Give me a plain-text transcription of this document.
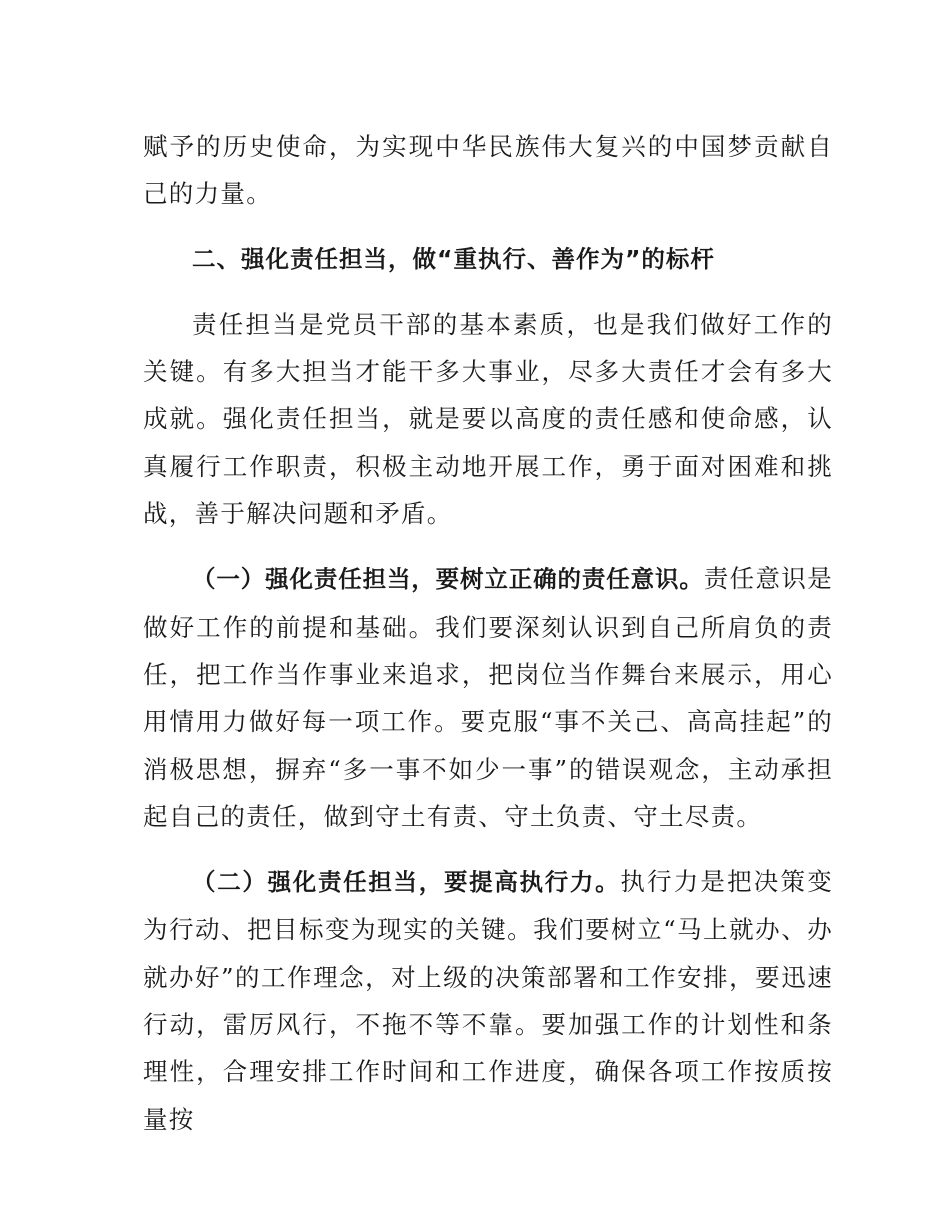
赋予的历史使命，为实现中华民族伟大复兴的中国梦贡献自己的力量。

二、强化责任担当，做“重执行、善作为”的标杆

责任担当是党员干部的基本素质，也是我们做好工作的关键。有多大担当才能干多大事业，尽多大责任才会有多大成就。强化责任担当，就是要以高度的责任感和使命感，认真履行工作职责，积极主动地开展工作，勇于面对困难和挑战，善于解决问题和矛盾。

（一）强化责任担当，要树立正确的责任意识。责任意识是做好工作的前提和基础。我们要深刻认识到自己所肩负的责任，把工作当作事业来追求，把岗位当作舞台来展示，用心用情用力做好每一项工作。要克服“事不关己、高高挂起”的消极思想，摒弃“多一事不如少一事”的错误观念，主动承担起自己的责任，做到守土有责、守土负责、守土尽责。

（二）强化责任担当，要提高执行力。执行力是把决策变为行动、把目标变为现实的关键。我们要树立“马上就办、办就办好”的工作理念，对上级的决策部署和工作安排，要迅速行动，雷厉风行，不拖不等不靠。要加强工作的计划性和条理性，合理安排工作时间和工作进度，确保各项工作按质按量按
